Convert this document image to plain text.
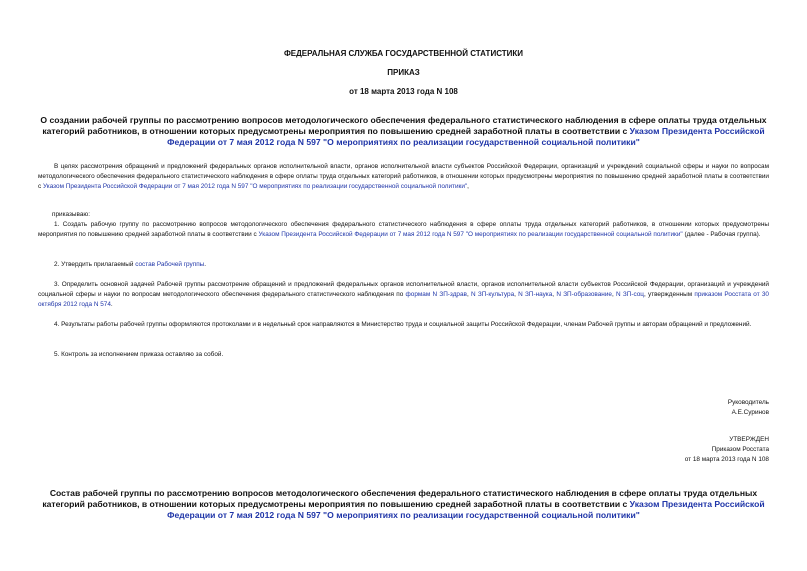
ФЕДЕРАЛЬНАЯ СЛУЖБА ГОСУДАРСТВЕННОЙ СТАТИСТИКИ
ПРИКАЗ
от 18 марта 2013 года N 108
О создании рабочей группы по рассмотрению вопросов методологического обеспечения федерального статистического наблюдения в сфере оплаты труда отдельных категорий работников, в отношении которых предусмотрены мероприятия по повышению средней заработной платы в соответствии с Указом Президента Российской Федерации от 7 мая 2012 года N 597 "О мероприятиях по реализации государственной социальной политики"
В целях рассмотрения обращений и предложений федеральных органов исполнительной власти, органов исполнительной власти субъектов Российской Федерации, организаций и учреждений социальной сферы и науки по вопросам методологического обеспечения федерального статистического наблюдения в сфере оплаты труда отдельных категорий работников, в отношении которых предусмотрены мероприятия по повышению средней заработной платы в соответствии с Указом Президента Российской Федерации от 7 мая 2012 года N 597 "О мероприятиях по реализации государственной социальной политики",
приказываю:
1. Создать рабочую группу по рассмотрению вопросов методологического обеспечения федерального статистического наблюдения в сфере оплаты труда отдельных категорий работников, в отношении которых предусмотрены мероприятия по повышению средней заработной платы в соответствии с Указом Президента Российской Федерации от 7 мая 2012 года N 597 "О мероприятиях по реализации государственной социальной политики" (далее - Рабочая группа).
2. Утвердить прилагаемый состав Рабочей группы.
3. Определить основной задачей Рабочей группы рассмотрение обращений и предложений федеральных органов исполнительной власти, органов исполнительной власти субъектов Российской Федерации, организаций и учреждений социальной сферы и науки по вопросам методологического обеспечения федерального статистического наблюдения по формам N ЗП-здрав, N ЗП-культура, N ЗП-наука, N ЗП-образование, N ЗП-соц, утвержденным приказом Росстата от 30 октября 2012 года N 574.
4. Результаты работы рабочей группы оформляются протоколами и в недельный срок направляются в Министерство труда и социальной защиты Российской Федерации, членам Рабочей группы и авторам обращений и предложений.
5. Контроль за исполнением приказа оставляю за собой.
Руководитель
А.Е.Суринов
УТВЕРЖДЕН
Приказом Росстата
от 18 марта 2013 года N 108
Состав рабочей группы по рассмотрению вопросов методологического обеспечения федерального статистического наблюдения в сфере оплаты труда отдельных категорий работников, в отношении которых предусмотрены мероприятия по повышению средней заработной платы в соответствии с Указом Президента Российской Федерации от 7 мая 2012 года N 597 "О мероприятиях по реализации государственной социальной политики"
